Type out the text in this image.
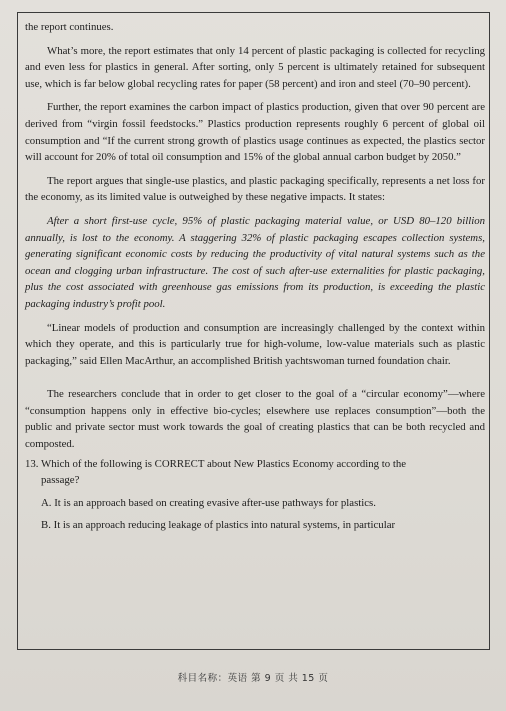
the report continues.

What’s more, the report estimates that only 14 percent of plastic packaging is collected for recycling and even less for plastics in general. After sorting, only 5 percent is ultimately retained for subsequent use, which is far below global recycling rates for paper (58 percent) and iron and steel (70–90 percent).

Further, the report examines the carbon impact of plastics production, given that over 90 percent are derived from “virgin fossil feedstocks.” Plastics production represents roughly 6 percent of global oil consumption and “If the current strong growth of plastics usage continues as expected, the plastics sector will account for 20% of total oil consumption and 15% of the global annual carbon budget by 2050.”

The report argues that single-use plastics, and plastic packaging specifically, represents a net loss for the economy, as its limited value is outweighed by these negative impacts. It states:

After a short first-use cycle, 95% of plastic packaging material value, or USD 80–120 billion annually, is lost to the economy. A staggering 32% of plastic packaging escapes collection systems, generating significant economic costs by reducing the productivity of vital natural systems such as the ocean and clogging urban infrastructure. The cost of such after-use externalities for plastic packaging, plus the cost associated with greenhouse gas emissions from its production, is exceeding the plastic packaging industry’s profit pool.

“Linear models of production and consumption are increasingly challenged by the context within which they operate, and this is particularly true for high-volume, low-value materials such as plastic packaging,” said Ellen MacArthur, an accomplished British yachtswoman turned foundation chair.

The researchers conclude that in order to get closer to the goal of a “circular economy”—where “consumption happens only in effective bio-cycles; elsewhere use replaces consumption”—both the public and private sector must work towards the goal of creating plastics that can be both recycled and composted.

13. Which of the following is CORRECT about New Plastics Economy according to the

passage?

A. It is an approach based on creating evasive after-use pathways for plastics.

B. It is an approach reducing leakage of plastics into natural systems, in particular

科目名称：英语 第 9 页 共 15 页
